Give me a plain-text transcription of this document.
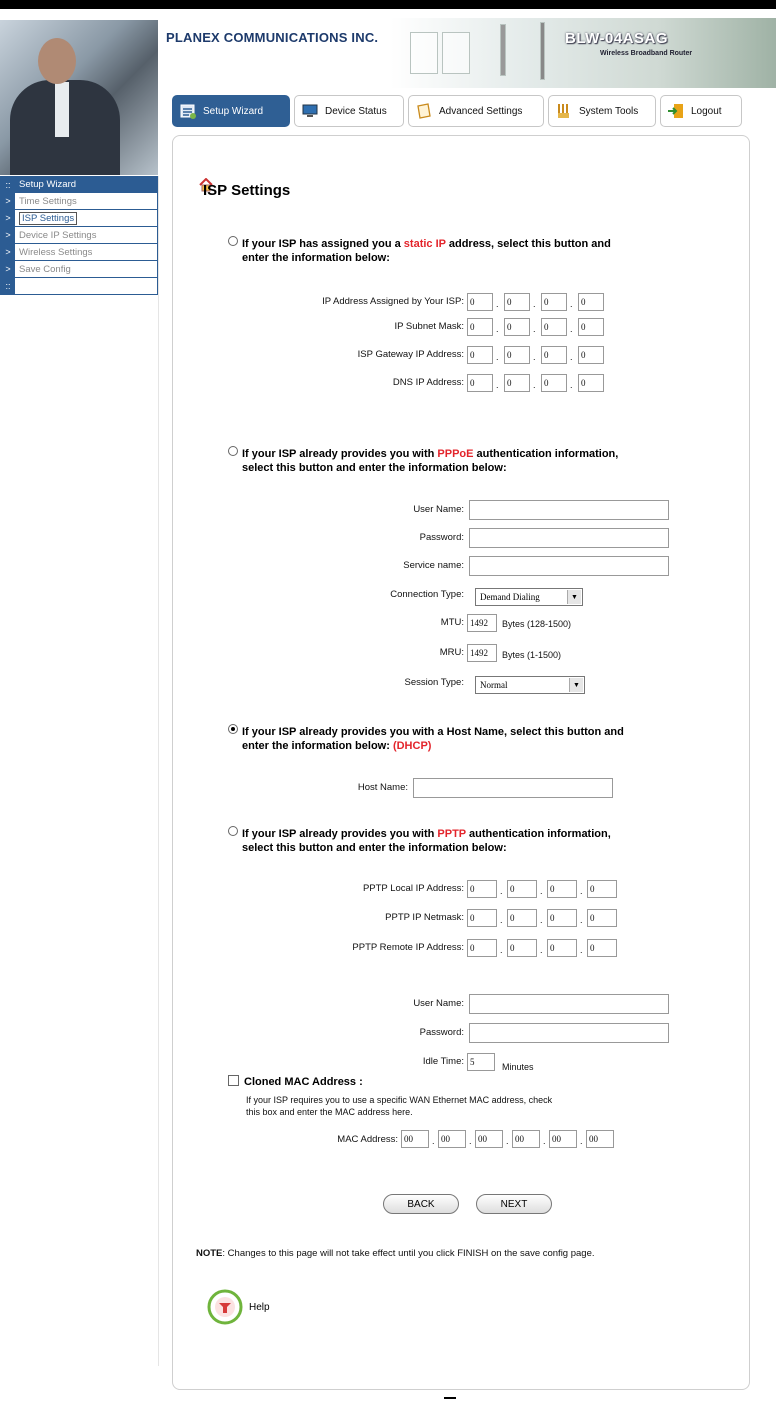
PLANEX COMMUNICATIONS INC.	BLW-04ASAG
Wireless Broadband Router
Setup Wizard	Device Status	Advanced Settings	System Tools	Logout
:: Setup Wizard
> Time Settings
>	ISP Settings
> Device IP Settings
> Wireless Settings
> Save Config
::
ISP Settings
If your ISP has assigned you a static IP address, select this button and
enter the information below:
IP Address Assigned by Your ISP: 0	. 0	. 0	. 0
IP Subnet Mask: 0	. 0	. 0	. 0
ISP Gateway IP Address: 0	. 0	. 0	. 0
DNS IP Address: 0	. 0	. 0	. 0
If your ISP already provides you with PPPoE authentication information,
select this button and enter the information below:
User Name:
Password:
Service name:
Connection Type: Demand Dialing	▼
MTU: 1492	Bytes (128-1500)
MRU: 1492	Bytes (1-1500)
Session Type: Normal	▼
If your ISP already provides you with a Host Name, select this button and
enter the information below: (DHCP)
Host Name:
If your ISP already provides you with PPTP authentication information,
select this button and enter the information below:
PPTP Local IP Address: 0	. 0	. 0	. 0
PPTP IP Netmask: 0	. 0	. 0	. 0
PPTP Remote IP Address: 0	. 0	. 0	. 0
User Name:
Password:
Idle Time: 5	Minutes
Cloned MAC Address :
If your ISP requires you to use a specific WAN Ethernet MAC address, check
this box and enter the MAC address here.
MAC Address: 00	. 00	. 00	. 00	. 00	. 00
BACK	NEXT
NOTE: Changes to this page will not take effect until you click FINISH on the save config page.
Help
